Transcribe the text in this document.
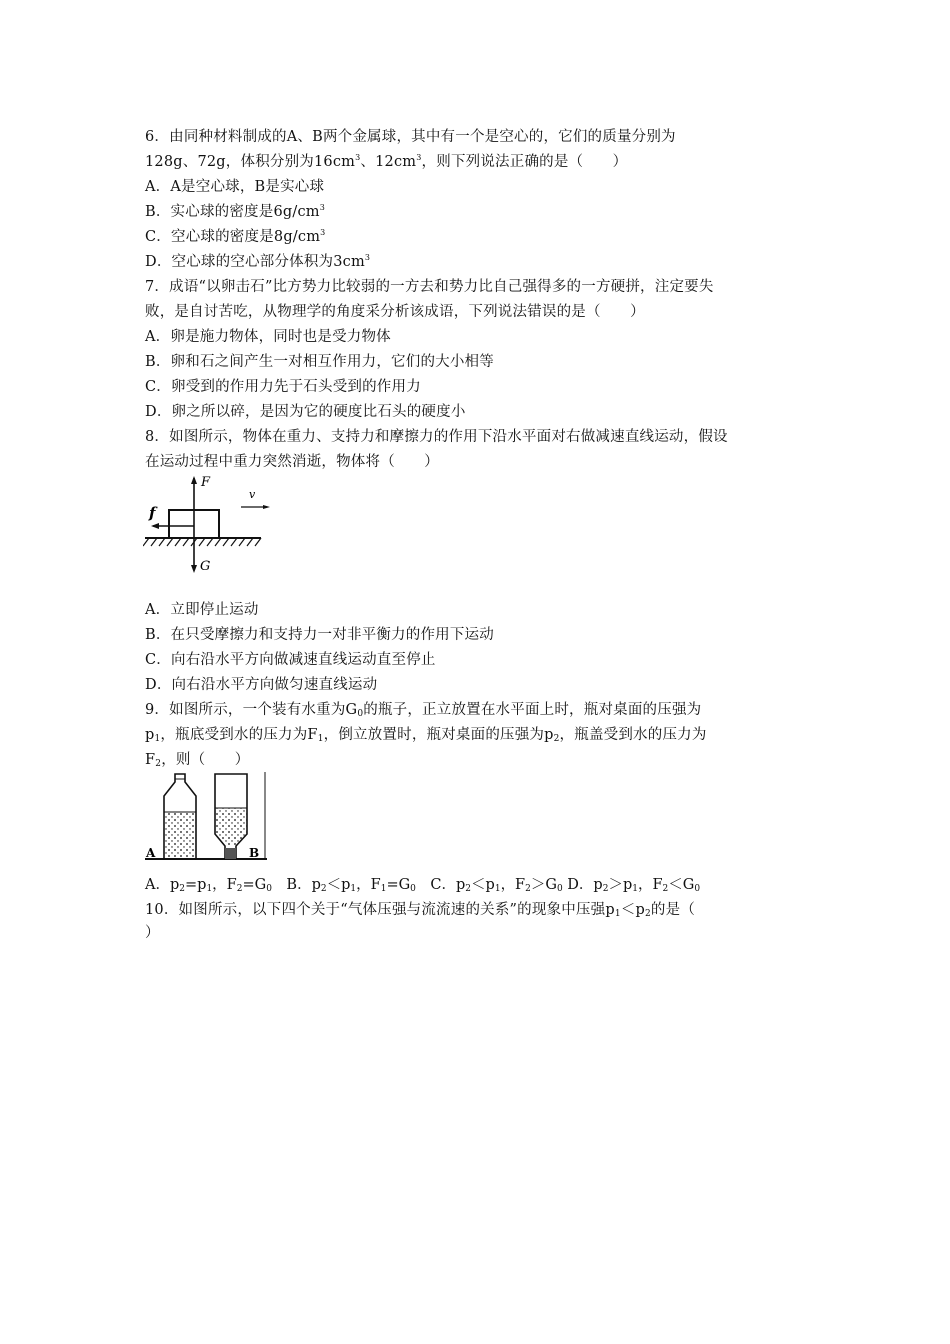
6．由同种材料制成的A、B两个金属球，其中有一个是空心的，它们的质量分别为
128g、72g，体积分别为$16cm^3$、$12cm^3$，则下列说法正确的是（　　）
A．A是空心球，B是实心球
B．实心球的密度是$6g/cm^3$
C．空心球的密度是$8g/cm^3$
D．空心球的空心部分体积为$3cm^3$
7．成语“以卵击石”比方势力比较弱的一方去和势力比自己强得多的一方硬拼，注定要失
败，是自讨苦吃，从物理学的角度采分析该成语，下列说法错误的是（　　）
A．卵是施力物体，同时也是受力物体
B．卵和石之间产生一对相互作用力，它们的大小相等
C．卵受到的作用力先于石头受到的作用力
D．卵之所以碎，是因为它的硬度比石头的硬度小
8．如图所示，物体在重力、支持力和摩擦力的作用下沿水平面对右做减速直线运动，假设
在运动过程中重力突然消逝，物体将（　　）
F
v
f
G
A．立即停止运动
B．在只受摩擦力和支持力一对非平衡力的作用下运动
C．向右沿水平方向做减速直线运动直至停止
D．向右沿水平方向做匀速直线运动
9．如图所示，一个装有水重为$G_0$的瓶子，正立放置在水平面上时，瓶对桌面的压强为
$p_1$，瓶底受到水的压力为$F_1$，倒立放置时，瓶对桌面的压强为$p_2$，瓶盖受到水的压力为
$F_2$，则（　　）
A	B
A．$p_2=p_1$，$F_2=G_0$　B．$p_2<p_1$，$F_1=G_0$　C．$p_2<p_1$，$F_2>G_0$ D．$p_2>p_1$，$F_2<G_0$
10．如图所示，以下四个关于“气体压强与流流速的关系”的现象中压强$p_1<p_2$的是（
）
